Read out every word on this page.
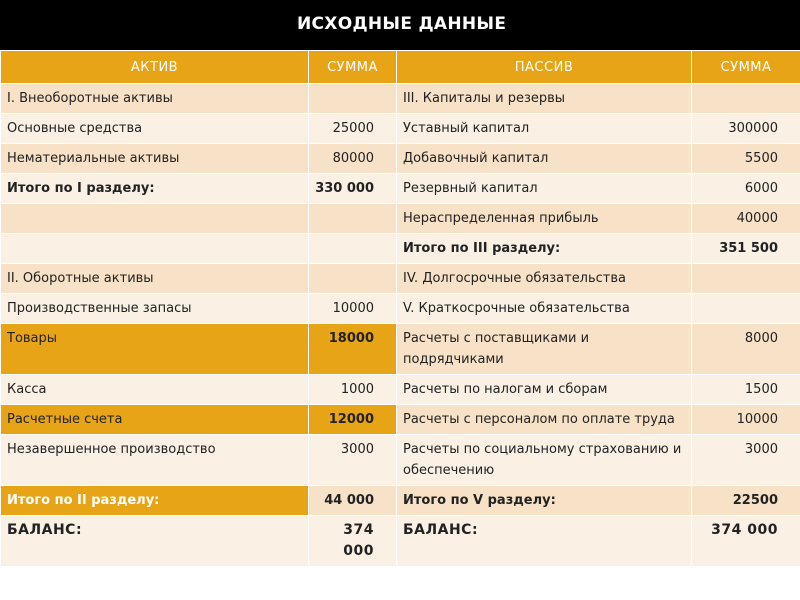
ИСХОДНЫЕ ДАННЫЕ
АКТИВ	СУММА	ПАССИВ	СУММА
I. Внеоборотные активы		III. Капиталы и резервы	
Основные средства	25000	Уставный капитал	300000
Нематериальные активы	80000	Добавочный капитал	5500
Итого по I разделу:	330 000	Резервный капитал	6000
		Нераспределенная прибыль	40000
		Итого по III разделу:	351 500
II. Оборотные активы		IV. Долгосрочные обязательства	
Производственные запасы	10000	V. Краткосрочные обязательства	
Товары	18000	Расчеты с поставщиками и подрядчиками	8000
Касса	1000	Расчеты по налогам и сборам	1500
Расчетные счета	12000	Расчеты с персоналом по оплате труда	10000
Незавершенное производство	3000	Расчеты по социальному страхованию и обеспечению	3000
Итого по II разделу:	44 000	Итого по V разделу:	22500
БАЛАНС:	374 000	БАЛАНС:	374 000
